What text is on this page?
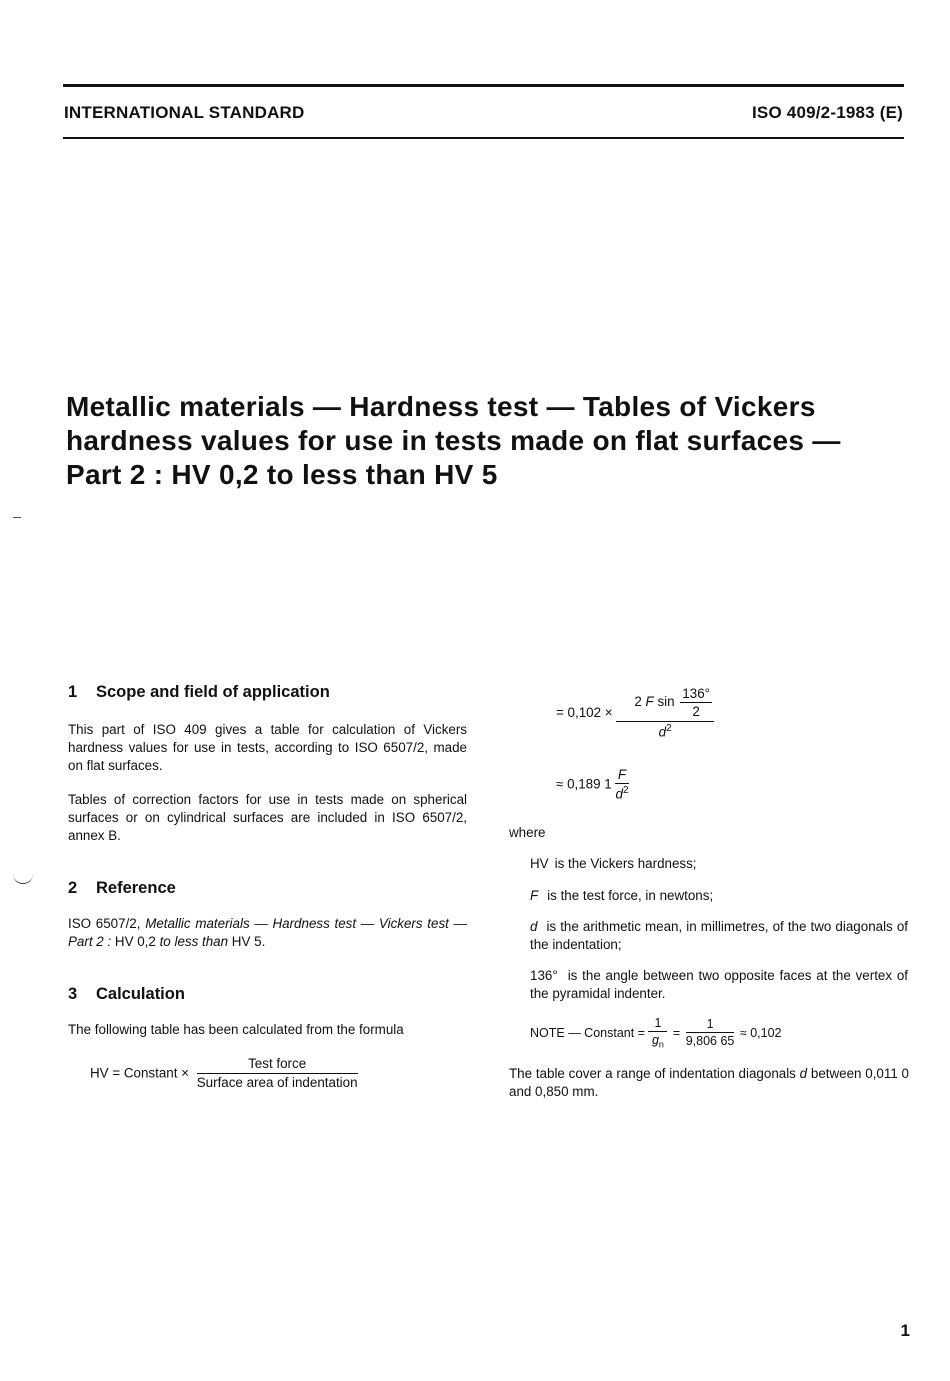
INTERNATIONAL STANDARD	ISO 409/2-1983 (E)
Metallic materials — Hardness test — Tables of Vickers
hardness values for use in tests made on flat surfaces —
Part 2 : HV 0,2 to less than HV 5
1 Scope and field of application
This part of ISO 409 gives a table for calculation of Vickers hardness values for use in tests, according to ISO 6507/2, made on flat surfaces.
Tables of correction factors for use in tests made on spherical surfaces or on cylindrical surfaces are included in ISO 6507/2, annex B.
2 Reference
ISO 6507/2, Metallic materials — Hardness test — Vickers test — Part 2 : HV 0,2 to less than HV 5.
3 Calculation
The following table has been calculated from the formula
HV = Constant × $\frac{\text{Test force}}{\text{Surface area of indentation}}$
= $0,102 \times \frac{2 F \sin \frac{136^\circ}{2}}{d^2}$
≈ 0,189 $1 \frac{F}{d^2}$
where
HV is the Vickers hardness;
F is the test force, in newtons;
d is the arithmetic mean, in millimetres, of the two diagonals of the indentation;
136° is the angle between two opposite faces at the vertex of the pyramidal indenter.
NOTE — Constant = $\frac{1}{g_n} = \frac{1}{9,806 65} \approx 0,102$
The table cover a range of indentation diagonals d between 0,011 0 and 0,850 mm.
1
